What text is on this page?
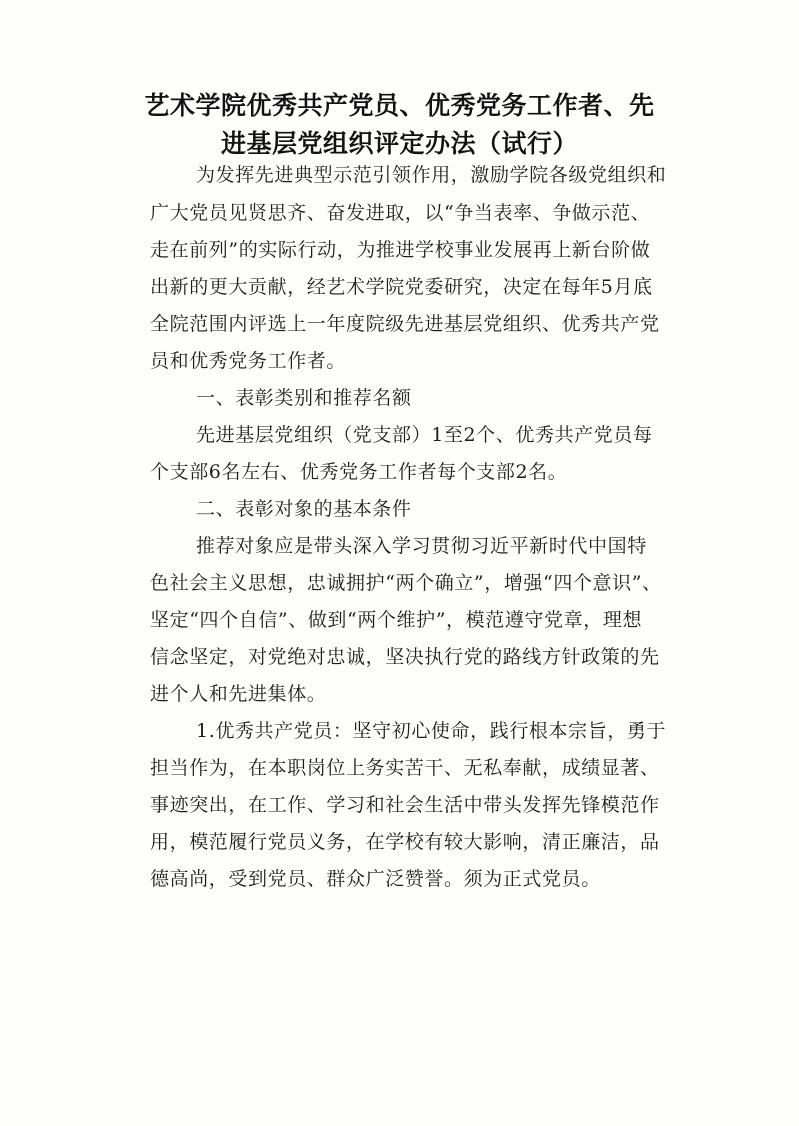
艺术学院优秀共产党员、优秀党务工作者、先
进基层党组织评定办法（试行）
为发挥先进典型示范引领作用，激励学院各级党组织和
广大党员见贤思齐、奋发进取，以“争当表率、争做示范、
走在前列”的实际行动，为推进学校事业发展再上新台阶做
出新的更大贡献，经艺术学院党委研究，决定在每年5月底
全院范围内评选上一年度院级先进基层党组织、优秀共产党
员和优秀党务工作者。
一、表彰类别和推荐名额
先进基层党组织（党支部）1至2个、优秀共产党员每
个支部6名左右、优秀党务工作者每个支部2名。
二、表彰对象的基本条件
推荐对象应是带头深入学习贯彻习近平新时代中国特
色社会主义思想，忠诚拥护“两个确立”，增强“四个意识”、
坚定“四个自信”、做到“两个维护”，模范遵守党章，理想
信念坚定，对党绝对忠诚，坚决执行党的路线方针政策的先
进个人和先进集体。
1.优秀共产党员：坚守初心使命，践行根本宗旨，勇于
担当作为，在本职岗位上务实苦干、无私奉献，成绩显著、
事迹突出，在工作、学习和社会生活中带头发挥先锋模范作
用，模范履行党员义务，在学校有较大影响，清正廉洁，品
德高尚，受到党员、群众广泛赞誉。须为正式党员。
